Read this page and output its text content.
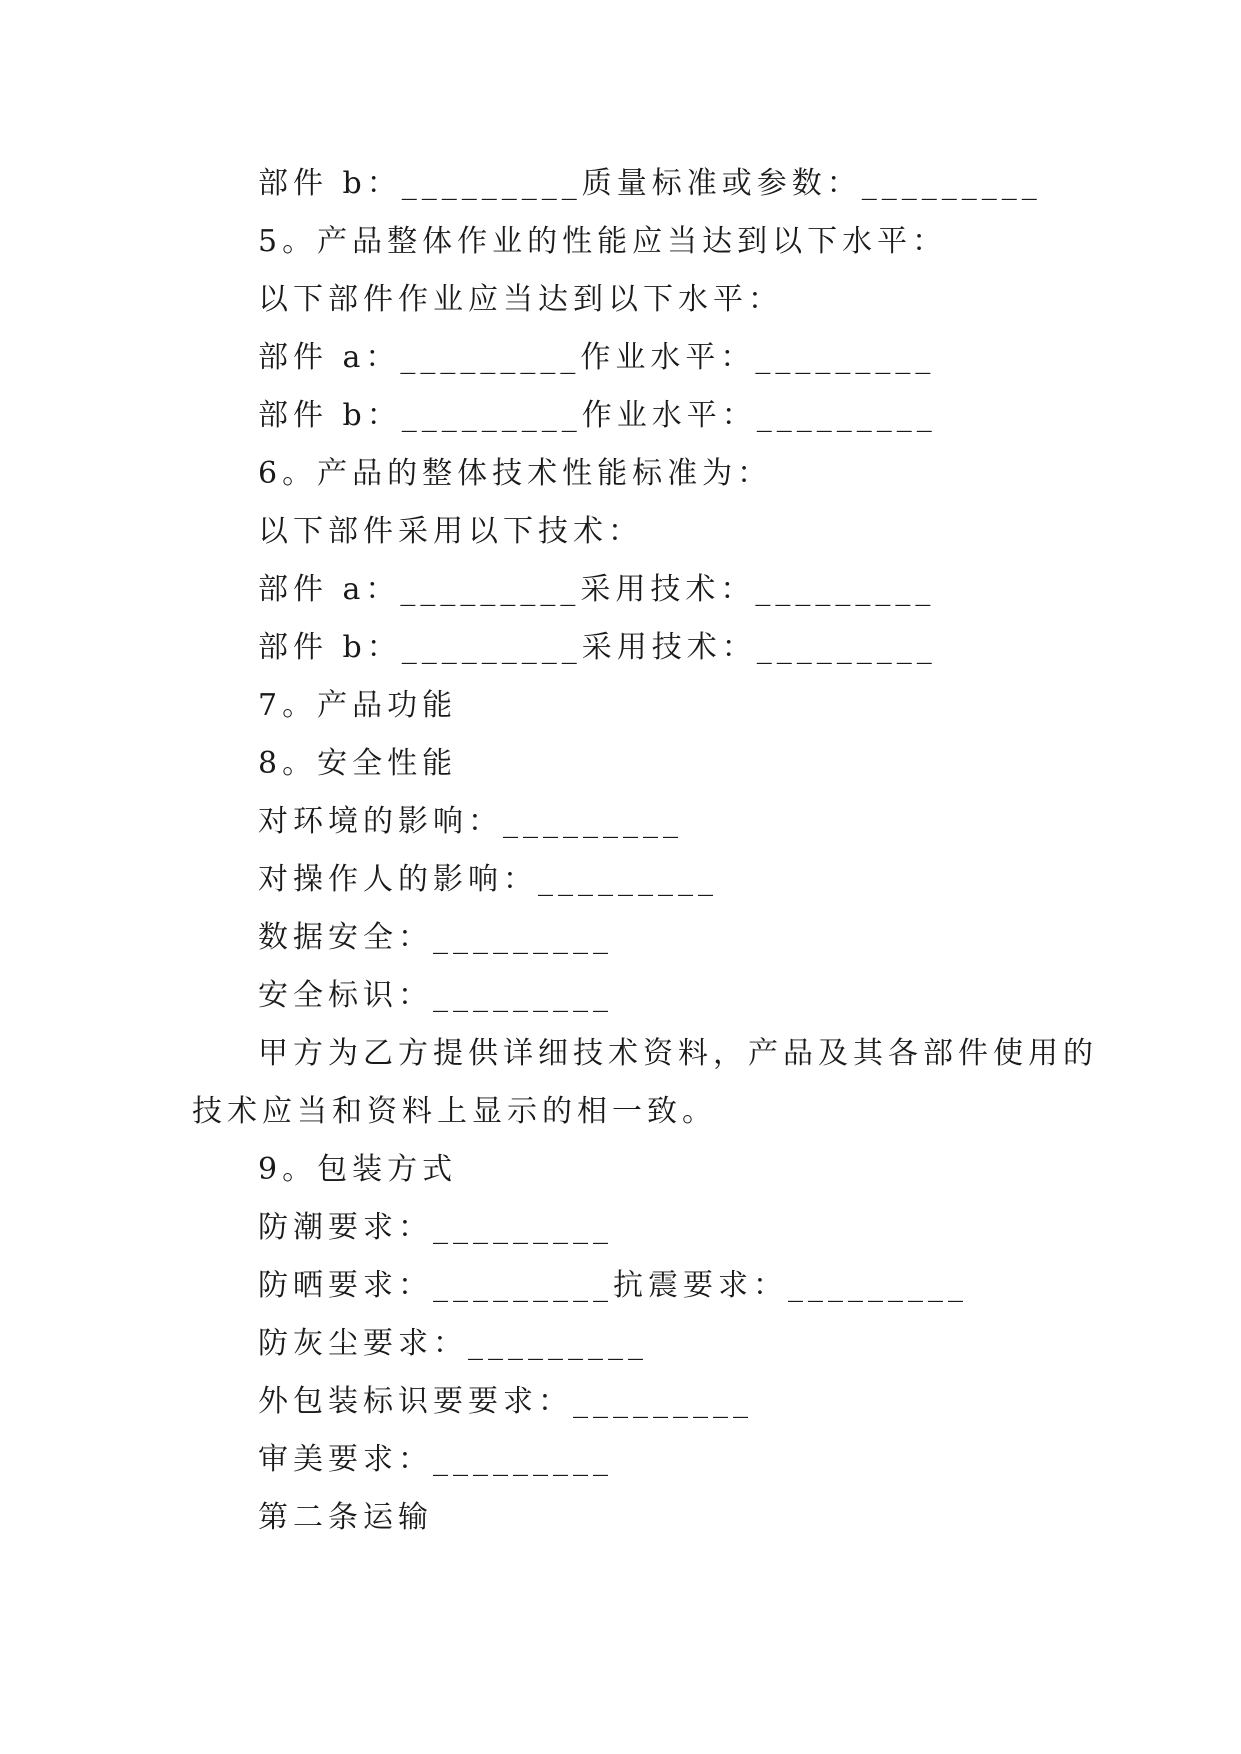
部件 b：_________质量标准或参数：_________
5。产品整体作业的性能应当达到以下水平：
以下部件作业应当达到以下水平：
部件 a：_________作业水平：_________
部件 b：_________作业水平：_________
6。产品的整体技术性能标准为：
以下部件采用以下技术：
部件 a：_________采用技术：_________
部件 b：_________采用技术：_________
7。产品功能
8。安全性能
对环境的影响：_________
对操作人的影响：_________
数据安全：_________
安全标识：_________
甲方为乙方提供详细技术资料，产品及其各部件使用的
技术应当和资料上显示的相一致。
9。包装方式
防潮要求：_________
防晒要求：_________抗震要求：_________
防灰尘要求：_________
外包装标识要要求：_________
审美要求：_________
第二条运输
